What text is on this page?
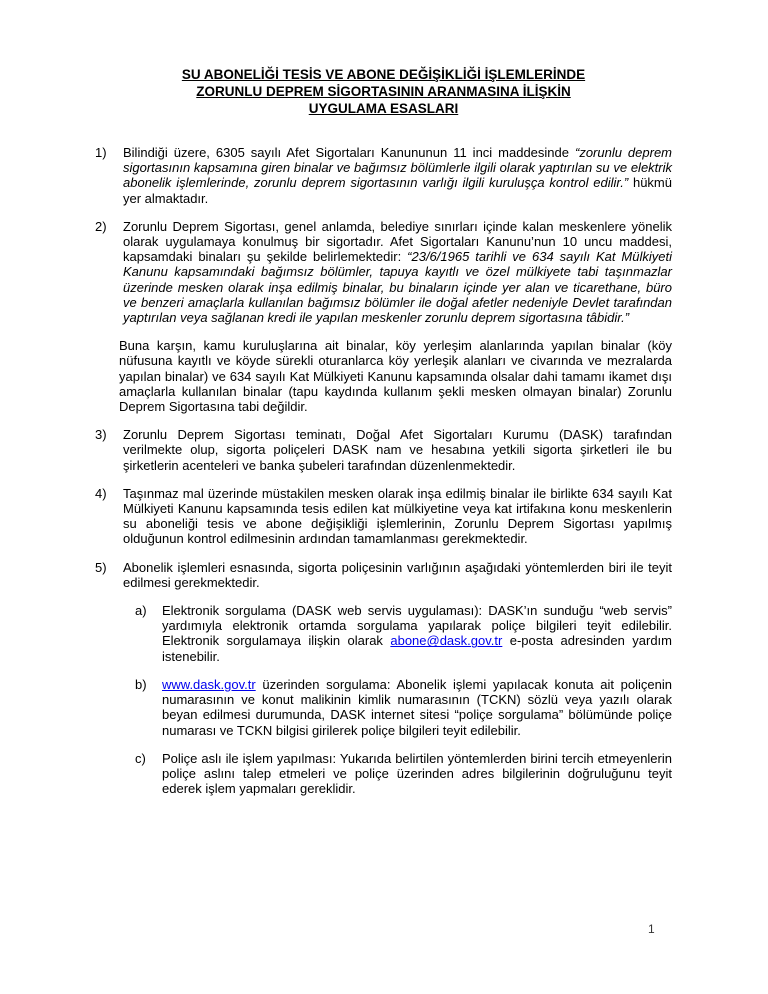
SU ABONELİĞİ TESİS VE ABONE DEĞİŞİKLİĞİ İŞLEMLERİNDE
ZORUNLU DEPREM SİGORTASININ ARANMASINA İLİŞKİN
UYGULAMA ESASLARI
1) Bilindiği üzere, 6305 sayılı Afet Sigortaları Kanununun 11 inci maddesinde “zorunlu deprem sigortasının kapsamına giren binalar ve bağımsız bölümlerle ilgili olarak yaptırılan su ve elektrik abonelik işlemlerinde, zorunlu deprem sigortasının varlığı ilgili kuruluşça kontrol edilir.” hükmü yer almaktadır.
2) Zorunlu Deprem Sigortası, genel anlamda, belediye sınırları içinde kalan meskenlere yönelik olarak uygulamaya konulmuş bir sigortadır. Afet Sigortaları Kanunu’nun 10 uncu maddesi, kapsamdaki binaları şu şekilde belirlemektedir: “23/6/1965 tarihli ve 634 sayılı Kat Mülkiyeti Kanunu kapsamındaki bağımsız bölümler, tapuya kayıtlı ve özel mülkiyete tabi taşınmazlar üzerinde mesken olarak inşa edilmiş binalar, bu binaların içinde yer alan ve ticarethane, büro ve benzeri amaçlarla kullanılan bağımsız bölümler ile doğal afetler nedeniyle Devlet tarafından yaptırılan veya sağlanan kredi ile yapılan meskenler zorunlu deprem sigortasına tâbidir.”
Buna karşın, kamu kuruluşlarına ait binalar, köy yerleşim alanlarında yapılan binalar (köy nüfusuna kayıtlı ve köyde sürekli oturanlarca köy yerleşik alanları ve civarında ve mezralarda yapılan binalar) ve 634 sayılı Kat Mülkiyeti Kanunu kapsamında olsalar dahi tamamı ikamet dışı amaçlarla kullanılan binalar (tapu kaydında kullanım şekli mesken olmayan binalar) Zorunlu Deprem Sigortasına tabi değildir.
3) Zorunlu Deprem Sigortası teminatı, Doğal Afet Sigortaları Kurumu (DASK) tarafından verilmekte olup, sigorta poliçeleri DASK nam ve hesabına yetkili sigorta şirketleri ile bu şirketlerin acenteleri ve banka şubeleri tarafından düzenlenmektedir.
4) Taşınmaz mal üzerinde müstakilen mesken olarak inşa edilmiş binalar ile birlikte 634 sayılı Kat Mülkiyeti Kanunu kapsamında tesis edilen kat mülkiyetine veya kat irtifakına konu meskenlerin su aboneliği tesis ve abone değişikliği işlemlerinin, Zorunlu Deprem Sigortası yapılmış olduğunun kontrol edilmesinin ardından tamamlanması gerekmektedir.
5) Abonelik işlemleri esnasında, sigorta poliçesinin varlığının aşağıdaki yöntemlerden biri ile teyit edilmesi gerekmektedir.
a) Elektronik sorgulama (DASK web servis uygulaması): DASK’ın sunduğu “web servis” yardımıyla elektronik ortamda sorgulama yapılarak poliçe bilgileri teyit edilebilir. Elektronik sorgulamaya ilişkin olarak abone@dask.gov.tr e-posta adresinden yardım istenebilir.
b) www.dask.gov.tr üzerinden sorgulama: Abonelik işlemi yapılacak konuta ait poliçenin numarasının ve konut malikinin kimlik numarasının (TCKN) sözlü veya yazılı olarak beyan edilmesi durumunda, DASK internet sitesi “poliçe sorgulama” bölümünde poliçe numarası ve TCKN bilgisi girilerek poliçe bilgileri teyit edilebilir.
c) Poliçe aslı ile işlem yapılması: Yukarıda belirtilen yöntemlerden birini tercih etmeyenlerin poliçe aslını talep etmeleri ve poliçe üzerinden adres bilgilerinin doğruluğunu teyit ederek işlem yapmaları gereklidir.
1
